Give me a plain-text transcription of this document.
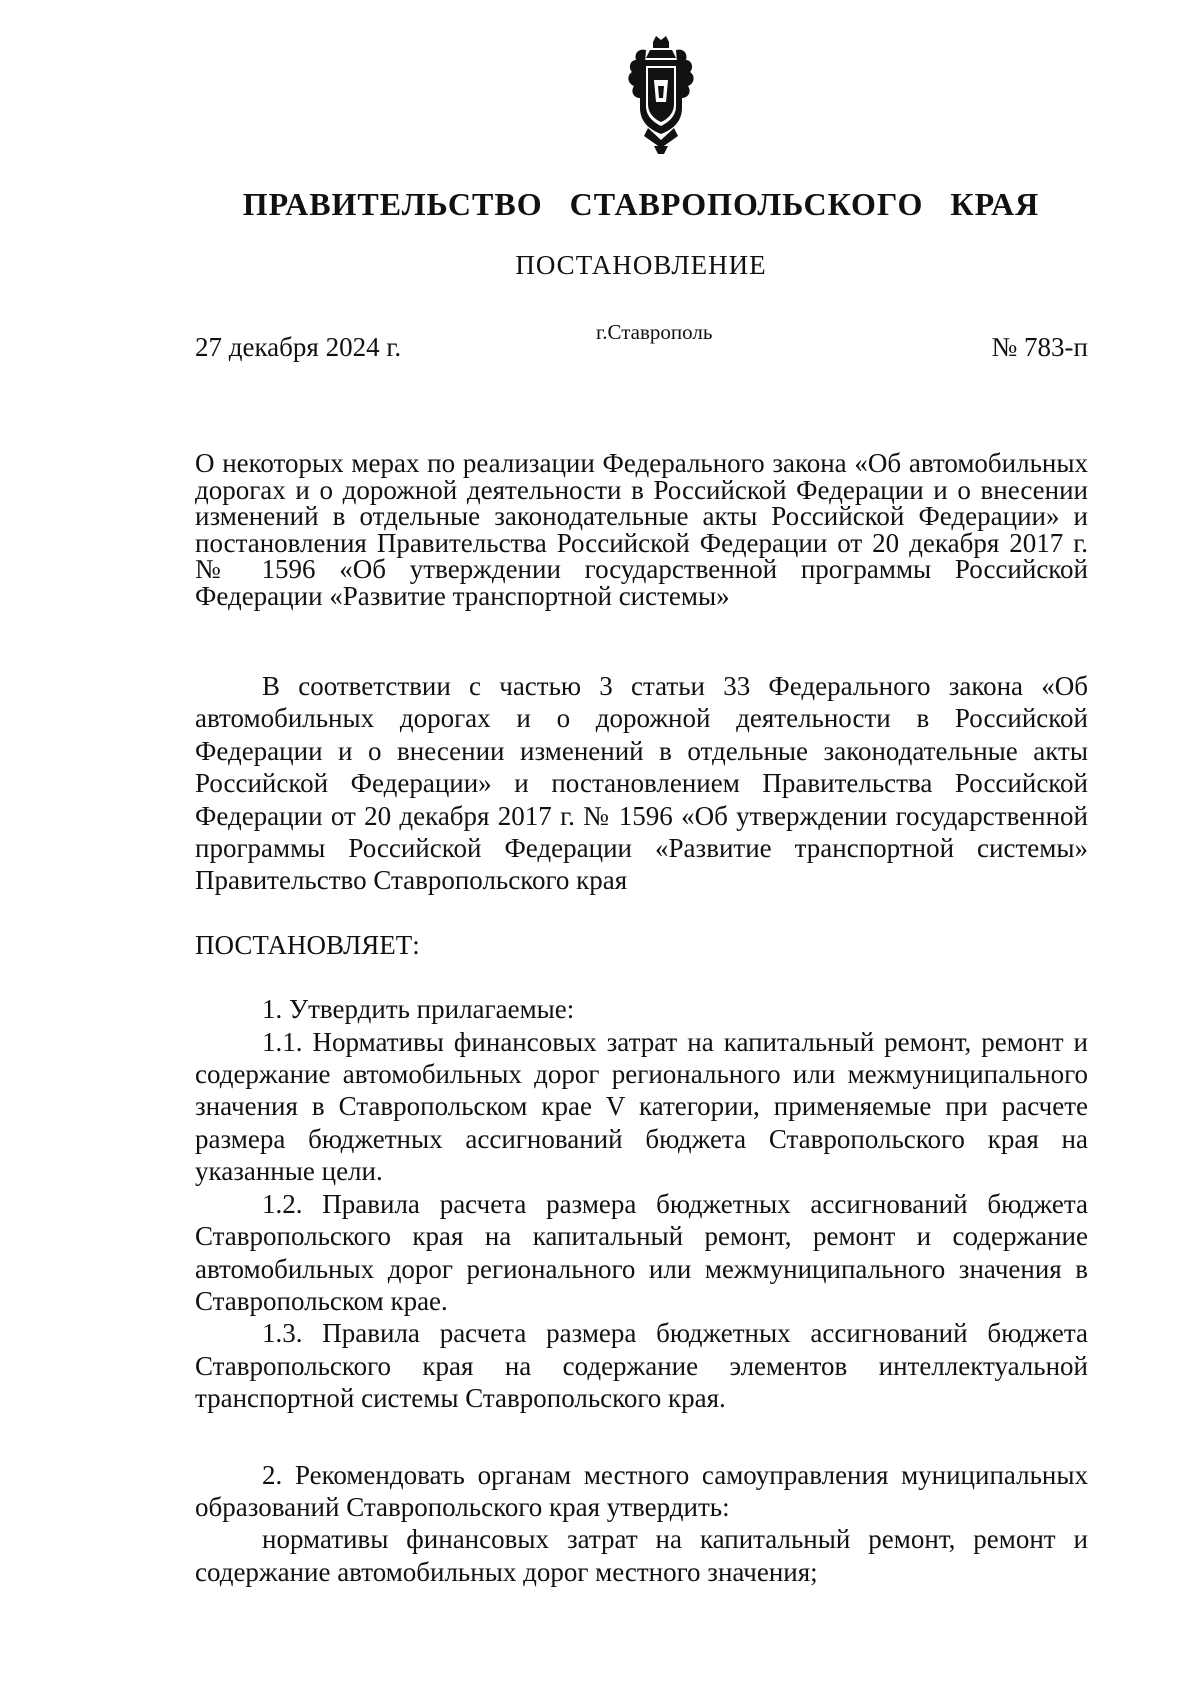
ПРАВИТЕЛЬСТВО СТАВРОПОЛЬСКОГО КРАЯ
ПОСТАНОВЛЕНИЕ
27 декабря 2024 г.	г.Ставрополь	№ 783-п
О некоторых мерах по реализации Федерального закона «Об автомобильных дорогах и о дорожной деятельности в Российской Федерации и о внесении изменений в отдельные законодательные акты Российской Федерации» и постановления Правительства Российской Федерации от 20 декабря 2017 г. № 1596 «Об утверждении государственной программы Российской Федерации «Развитие транспортной системы»

В соответствии с частью 3 статьи 33 Федерального закона «Об автомобильных дорогах и о дорожной деятельности в Российской Федерации и о внесении изменений в отдельные законодательные акты Российской Федерации» и постановлением Правительства Российской Федерации от 20 декабря 2017 г. № 1596 «Об утверждении государственной программы Российской Федерации «Развитие транспортной системы» Правительство Ставропольского края

ПОСТАНОВЛЯЕТ:

1. Утвердить прилагаемые:

1.1. Нормативы финансовых затрат на капитальный ремонт, ремонт и содержание автомобильных дорог регионального или межмуниципального значения в Ставропольском крае V категории, применяемые при расчете размера бюджетных ассигнований бюджета Ставропольского края на указанные цели.

1.2. Правила расчета размера бюджетных ассигнований бюджета Ставропольского края на капитальный ремонт, ремонт и содержание автомобильных дорог регионального или межмуниципального значения в Ставропольском крае.

1.3. Правила расчета размера бюджетных ассигнований бюджета Ставропольского края на содержание элементов интеллектуальной транспортной системы Ставропольского края.

2. Рекомендовать органам местного самоуправления муниципальных образований Ставропольского края утвердить:

нормативы финансовых затрат на капитальный ремонт, ремонт и содержание автомобильных дорог местного значения;
